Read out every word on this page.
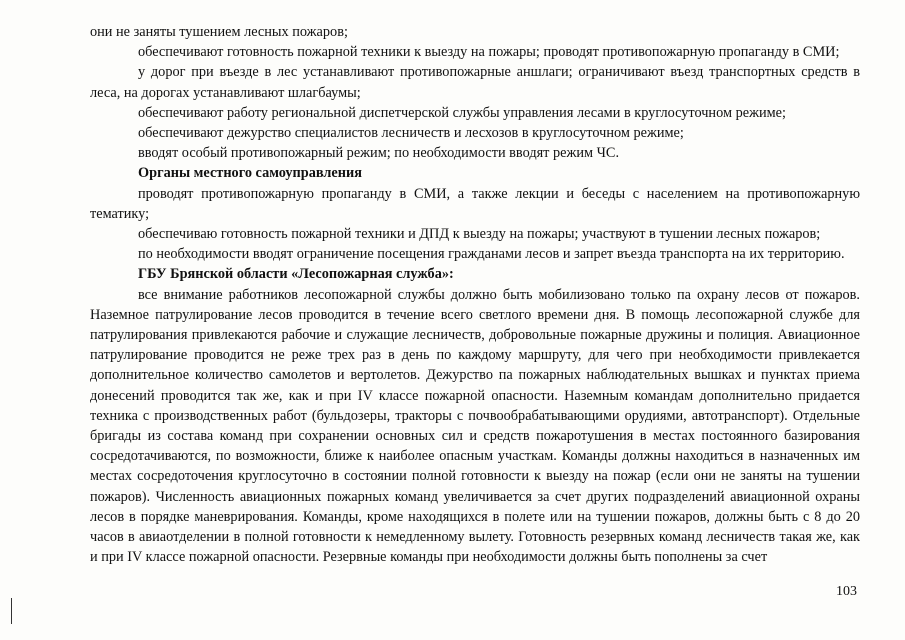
они не заняты тушением лесных пожаров;

обеспечивают готовность пожарной техники к выезду на пожары; проводят противопожарную пропаганду в СМИ;

у дорог при въезде в лес устанавливают противопожарные аншлаги; ограничивают въезд транспортных средств в леса, на дорогах устанавливают шлагбаумы;

обеспечивают работу региональной диспетчерской службы управления лесами в круглосуточном режиме;

обеспечивают дежурство специалистов лесничеств и лесхозов в круглосуточном режиме;

вводят особый противопожарный режим; по необходимости вводят режим ЧС.

Органы местного самоуправления

проводят противопожарную пропаганду в СМИ, а также лекции и беседы с населением на противопожарную тематику;

обеспечиваю готовность пожарной техники и ДПД к выезду на пожары; участвуют в тушении лесных пожаров;

по необходимости вводят ограничение посещения гражданами лесов и запрет въезда транспорта на их территорию.

ГБУ Брянской области «Лесопожарная служба»:

все внимание работников лесопожарной службы должно быть мобилизовано только па охрану лесов от пожаров. Наземное патрулирование лесов проводится в течение всего светлого времени дня. В помощь лесопожарной службе для патрулирования привлекаются рабочие и служащие лесничеств, добровольные пожарные дружины и полиция. Авиационное патрулирование проводится не реже трех раз в день по каждому маршруту, для чего при необходимости привлекается дополнительное количество самолетов и вертолетов. Дежурство па пожарных наблюдательных вышках и пунктах приема донесений проводится так же, как и при IV классе пожарной опасности. Наземным командам дополнительно придается техника с производственных работ (бульдозеры, тракторы с почвообрабатывающими орудиями, автотранспорт). Отдельные бригады из состава команд при сохранении основных сил и средств пожаротушения в местах постоянного базирования сосредотачиваются, по возможности, ближе к наиболее опасным участкам. Команды должны находиться в назначенных им местах сосредоточения круглосуточно в состоянии полной готовности к выезду на пожар (если они не заняты на тушении пожаров). Численность авиационных пожарных команд увеличивается за счет других подразделений авиационной охраны лесов в порядке маневрирования. Команды, кроме находящихся в полете или на тушении пожаров, должны быть с 8 до 20 часов в авиаотделении в полной готовности к немедленному вылету. Готовность резервных команд лесничеств такая же, как и при IV классе пожарной опасности. Резервные команды при необходимости должны быть пополнены за счет

103
